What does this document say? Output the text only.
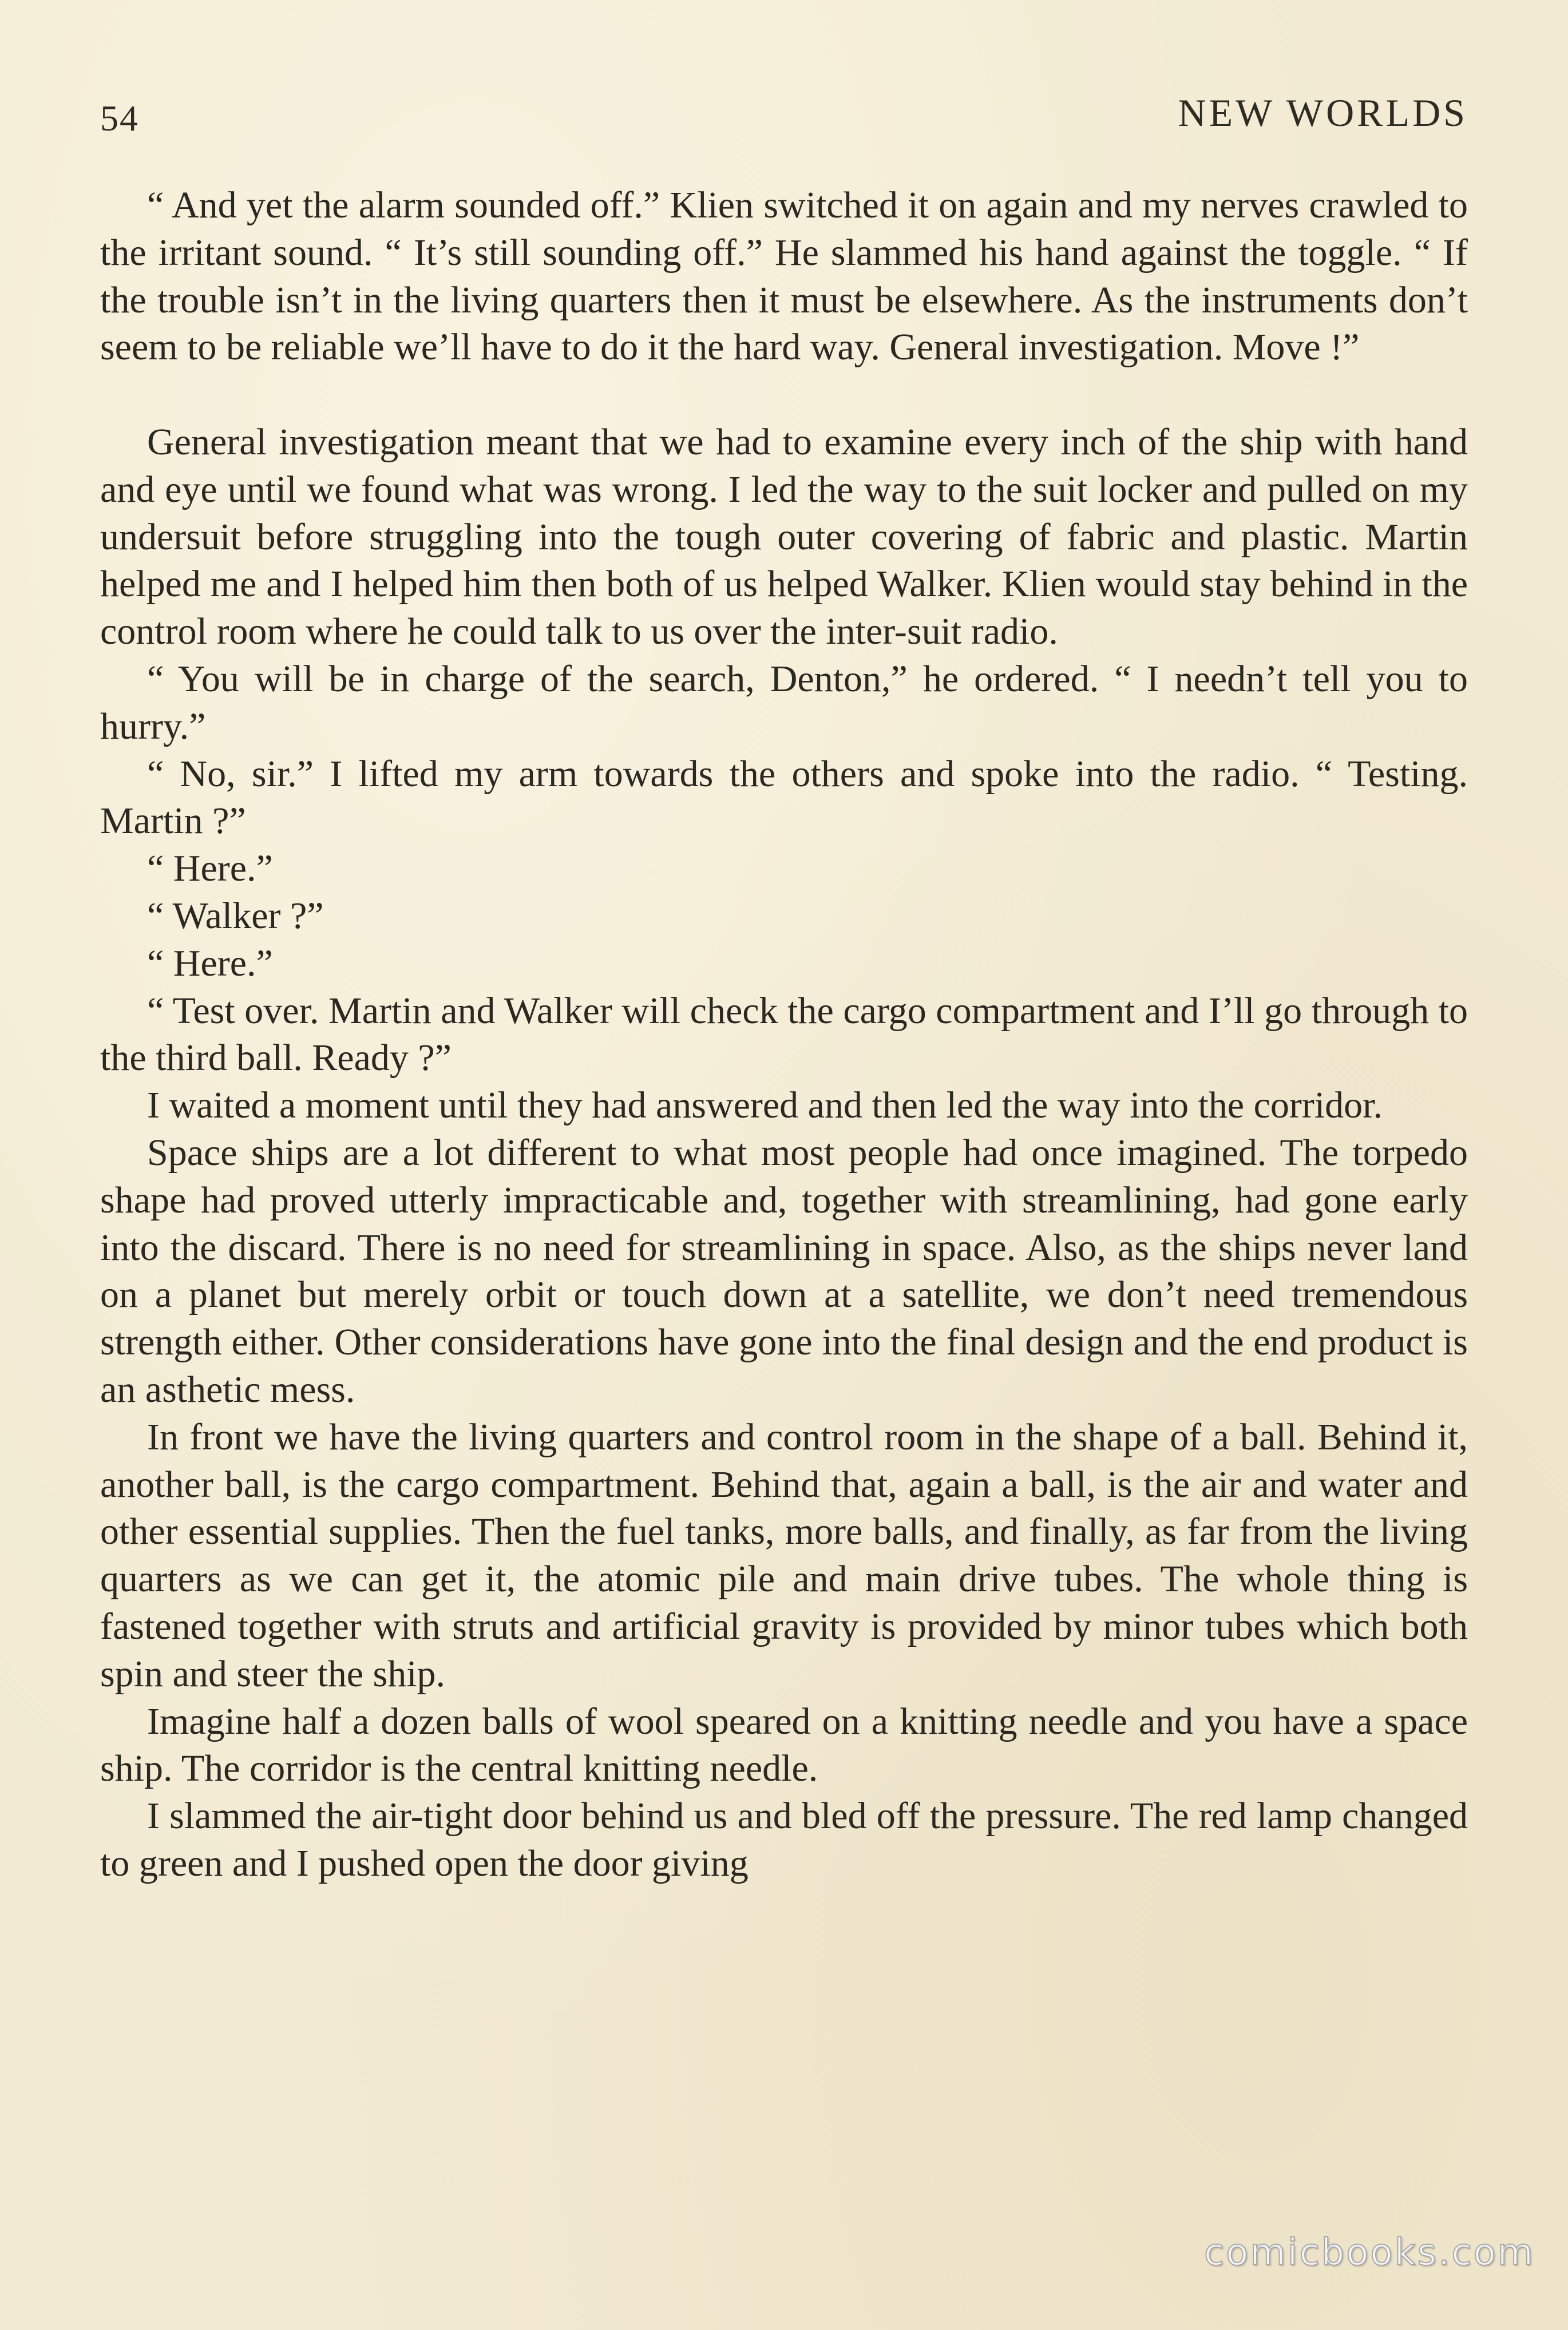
54	NEW WORLDS

“ And yet the alarm sounded off.” Klien switched it on again and my nerves crawled to the irritant sound. “ It’s still sounding off.” He slammed his hand against the toggle. “ If the trouble isn’t in the living quarters then it must be elsewhere. As the instruments don’t seem to be reliable we’ll have to do it the hard way. General investigation. Move !”

General investigation meant that we had to examine every inch of the ship with hand and eye until we found what was wrong. I led the way to the suit locker and pulled on my undersuit before struggling into the tough outer covering of fabric and plastic. Martin helped me and I helped him then both of us helped Walker. Klien would stay behind in the control room where he could talk to us over the inter-suit radio.

“ You will be in charge of the search, Denton,” he ordered. “ I needn’t tell you to hurry.”

“ No, sir.” I lifted my arm towards the others and spoke into the radio. “ Testing. Martin ?”

“ Here.”

“ Walker ?”

“ Here.”

“ Test over. Martin and Walker will check the cargo compartment and I’ll go through to the third ball. Ready ?”

I waited a moment until they had answered and then led the way into the corridor.

Space ships are a lot different to what most people had once imagined. The torpedo shape had proved utterly impracticable and, together with streamlining, had gone early into the discard. There is no need for streamlining in space. Also, as the ships never land on a planet but merely orbit or touch down at a satellite, we don’t need tremendous strength either. Other considerations have gone into the final design and the end product is an asthetic mess.

In front we have the living quarters and control room in the shape of a ball. Behind it, another ball, is the cargo compartment. Behind that, again a ball, is the air and water and other essential supplies. Then the fuel tanks, more balls, and finally, as far from the living quarters as we can get it, the atomic pile and main drive tubes. The whole thing is fastened together with struts and artificial gravity is provided by minor tubes which both spin and steer the ship.

Imagine half a dozen balls of wool speared on a knitting needle and you have a space ship. The corridor is the central knitting needle.

I slammed the air-tight door behind us and bled off the pressure. The red lamp changed to green and I pushed open the door giving

comicbooks.com
